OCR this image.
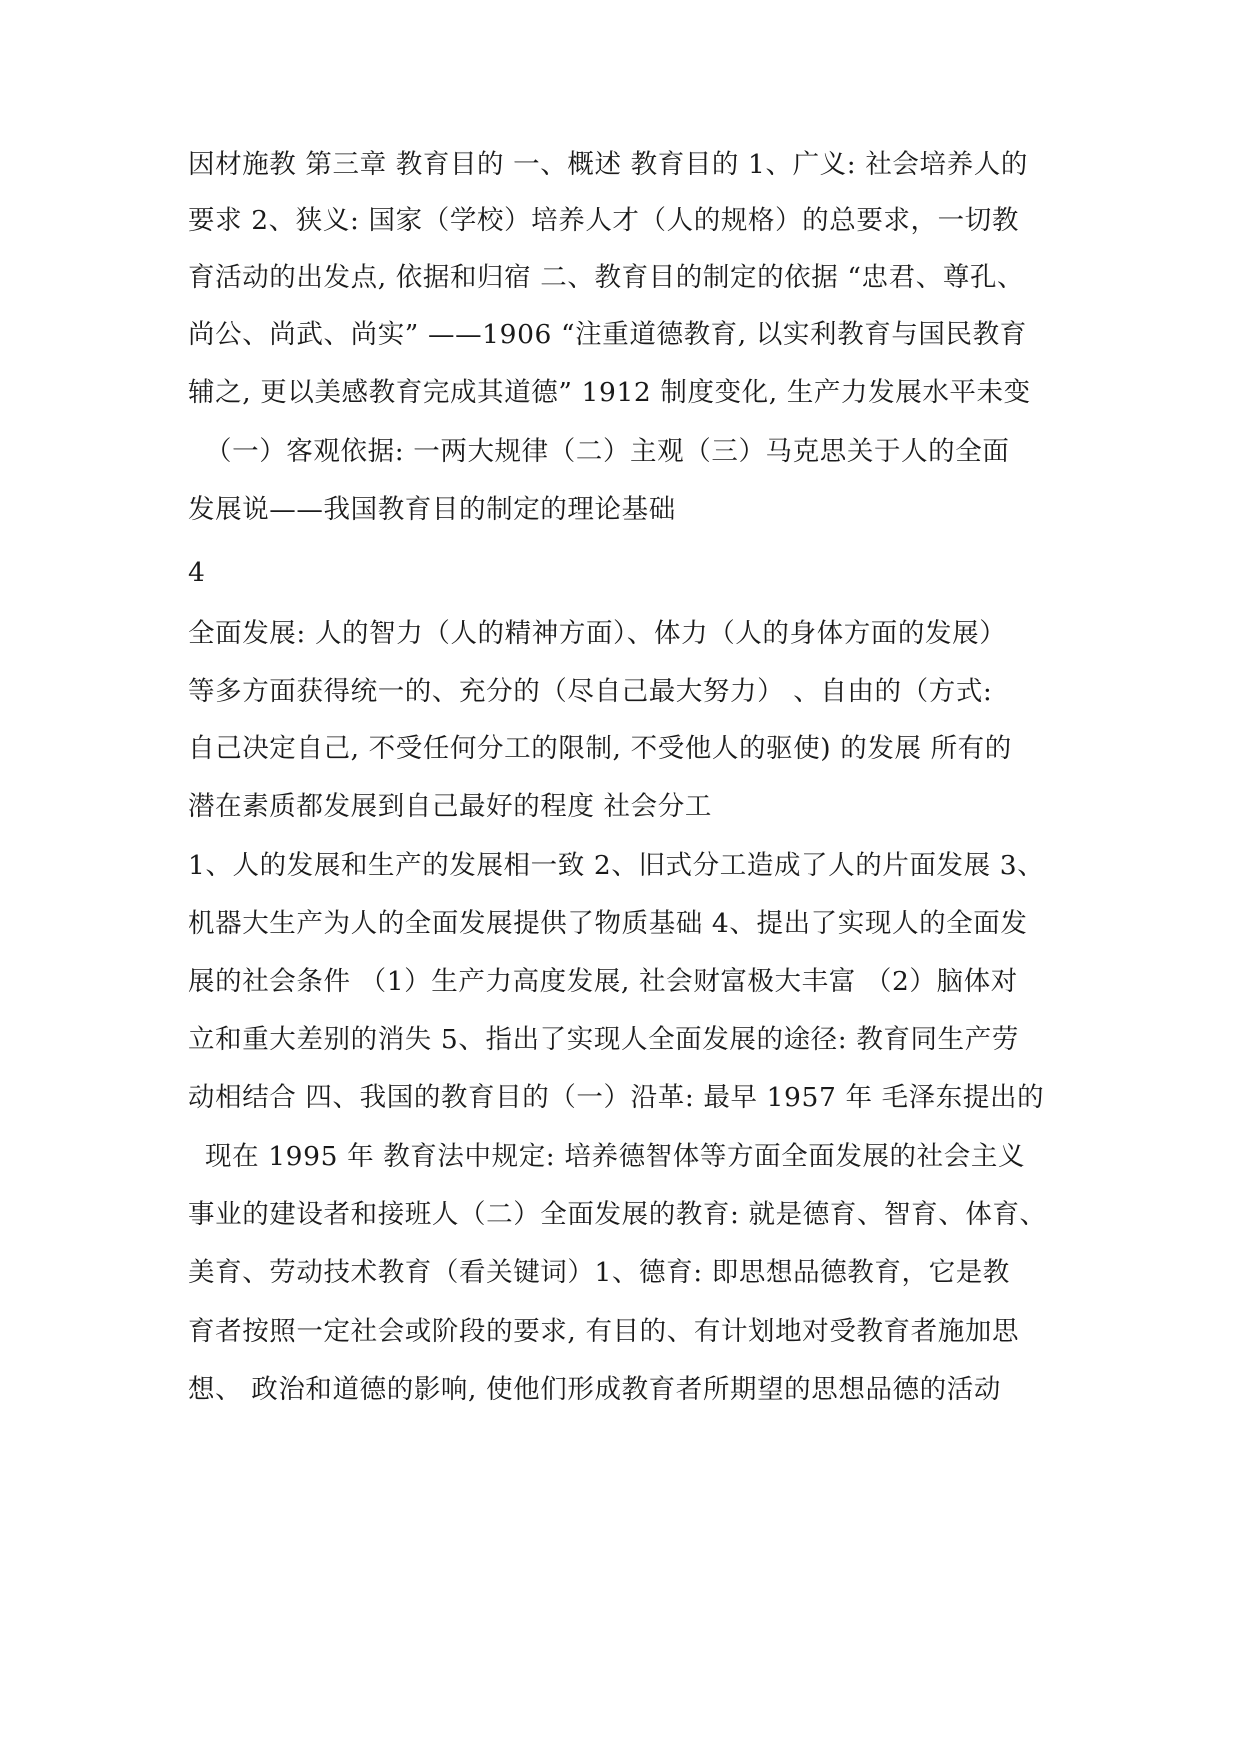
因材施教 第三章 教育目的 一、概述 教育目的 1、广义: 社会培养人的
要求 2、狭义: 国家（学校）培养人才（人的规格）的总要求，一切教
育活动的出发点, 依据和归宿 二、教育目的制定的依据 “忠君、尊孔、
尚公、尚武、尚实” ——1906 “注重道德教育, 以实利教育与国民教育
辅之, 更以美感教育完成其道德” 1912 制度变化, 生产力发展水平未变
（一）客观依据: 一两大规律（二）主观（三）马克思关于人的全面
发展说——我国教育目的制定的理论基础
4
全面发展: 人的智力（人的精神方面）、体力（人的身体方面的发展）
等多方面获得统一的、充分的（尽自己最大努力） 、自由的（方式:
自己决定自己, 不受任何分工的限制, 不受他人的驱使) 的发展 所有的
潜在素质都发展到自己最好的程度 社会分工
1、人的发展和生产的发展相一致 2、旧式分工造成了人的片面发展 3、
机器大生产为人的全面发展提供了物质基础 4、提出了实现人的全面发
展的社会条件 （1）生产力高度发展, 社会财富极大丰富 （2）脑体对
立和重大差别的消失 5、指出了实现人全面发展的途径: 教育同生产劳
动相结合 四、我国的教育目的（一）沿革: 最早 1957 年 毛泽东提出的
现在 1995 年 教育法中规定: 培养德智体等方面全面发展的社会主义
事业的建设者和接班人（二）全面发展的教育: 就是德育、智育、体育、
美育、劳动技术教育（看关键词）1、德育: 即思想品德教育，它是教
育者按照一定社会或阶段的要求, 有目的、有计划地对受教育者施加思
想、 政治和道德的影响, 使他们形成教育者所期望的思想品德的活动
